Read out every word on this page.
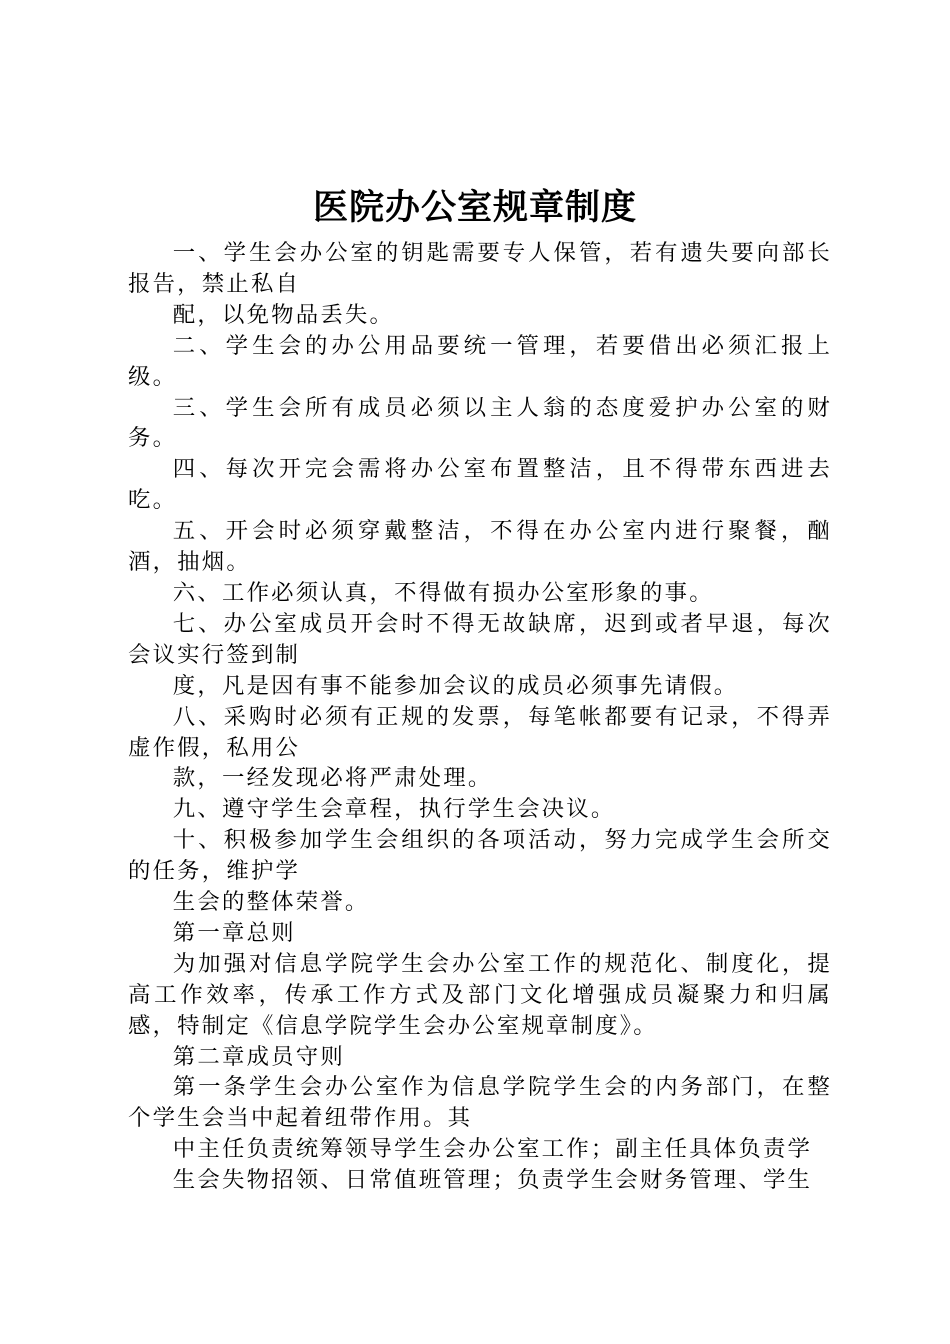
医院办公室规章制度

一、学生会办公室的钥匙需要专人保管，若有遗失要向部长报告，禁止私自

配，以免物品丢失。

二、学生会的办公用品要统一管理，若要借出必须汇报上级。

三、学生会所有成员必须以主人翁的态度爱护办公室的财务。

四、每次开完会需将办公室布置整洁，且不得带东西进去吃。

五、开会时必须穿戴整洁，不得在办公室内进行聚餐，酗酒，抽烟。

六、工作必须认真，不得做有损办公室形象的事。

七、办公室成员开会时不得无故缺席，迟到或者早退，每次会议实行签到制

度，凡是因有事不能参加会议的成员必须事先请假。

八、采购时必须有正规的发票，每笔帐都要有记录，不得弄虚作假，私用公

款，一经发现必将严肃处理。

九、遵守学生会章程，执行学生会决议。

十、积极参加学生会组织的各项活动，努力完成学生会所交的任务，维护学

生会的整体荣誉。

第一章总则

为加强对信息学院学生会办公室工作的规范化、制度化，提高工作效率，传承工作方式及部门文化增强成员凝聚力和归属感，特制定《信息学院学生会办公室规章制度》。

第二章成员守则

第一条学生会办公室作为信息学院学生会的内务部门，在整个学生会当中起着纽带作用。其

中主任负责统筹领导学生会办公室工作；副主任具体负责学生会失物招领、日常值班管理；负责学生会财务管理、学生
